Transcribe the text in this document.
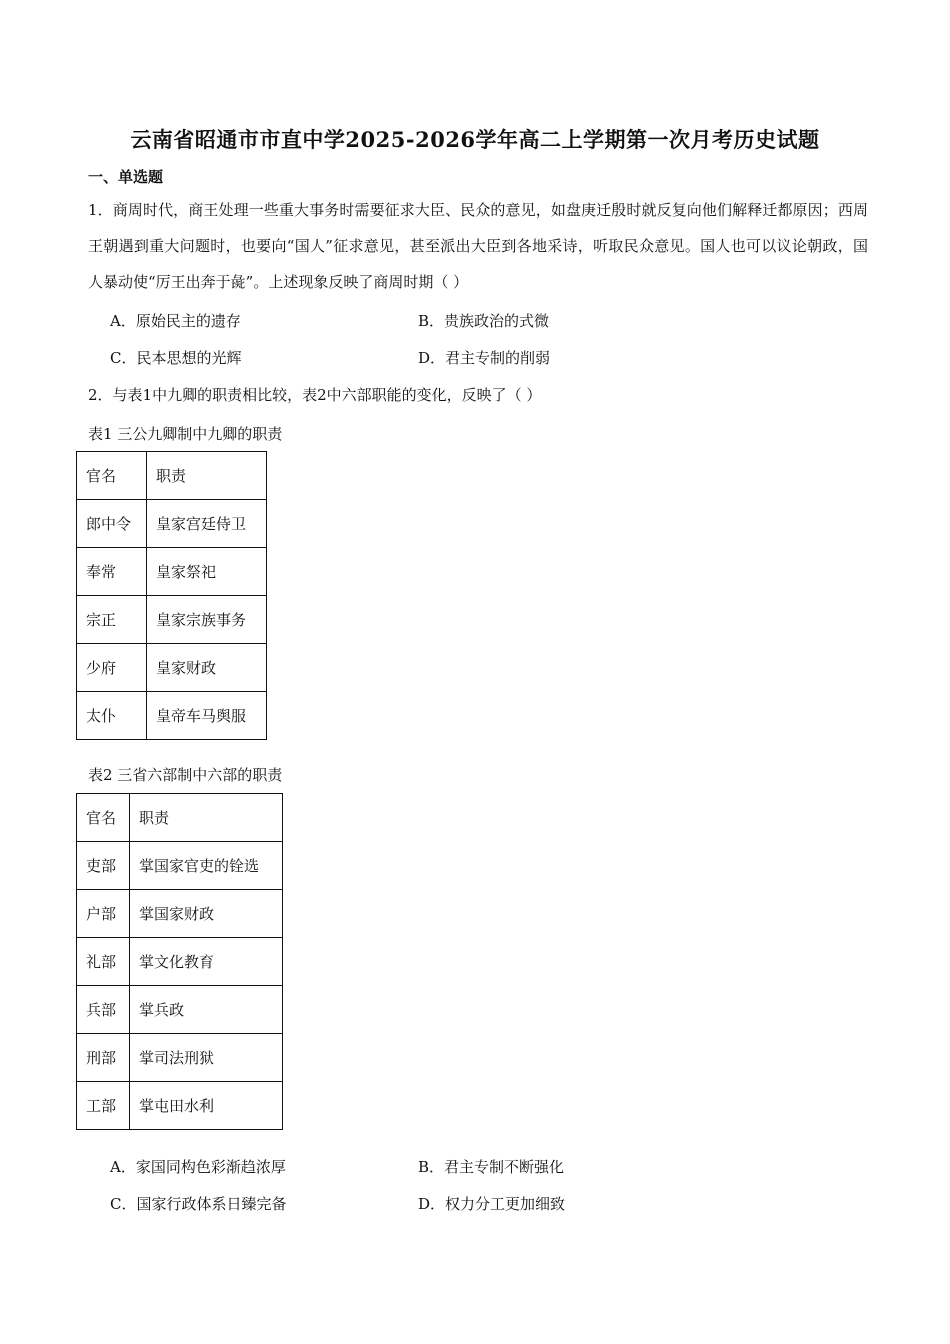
云南省昭通市市直中学2025-2026学年高二上学期第一次月考历史试题
一、单选题
1．商周时代，商王处理一些重大事务时需要征求大臣、民众的意见，如盘庚迁殷时就反复向他们解释迁都原因；西周王朝遇到重大问题时，也要向“国人”征求意见，甚至派出大臣到各地采诗，听取民众意见。国人也可以议论朝政，国人暴动使“厉王出奔于彘”。上述现象反映了商周时期（ ）
A．原始民主的遗存	B．贵族政治的式微
C．民本思想的光辉	D．君主专制的削弱
2．与表1中九卿的职责相比较，表2中六部职能的变化，反映了（ ）
表1 三公九卿制中九卿的职责
官名	职责
郎中令	皇家宫廷侍卫
奉常	皇家祭祀
宗正	皇家宗族事务
少府	皇家财政
太仆	皇帝车马舆服
表2 三省六部制中六部的职责
官名	职责
吏部	掌国家官吏的铨选
户部	掌国家财政
礼部	掌文化教育
兵部	掌兵政
刑部	掌司法刑狱
工部	掌屯田水利
A．家国同构色彩渐趋浓厚	B．君主专制不断强化
C．国家行政体系日臻完备	D．权力分工更加细致
